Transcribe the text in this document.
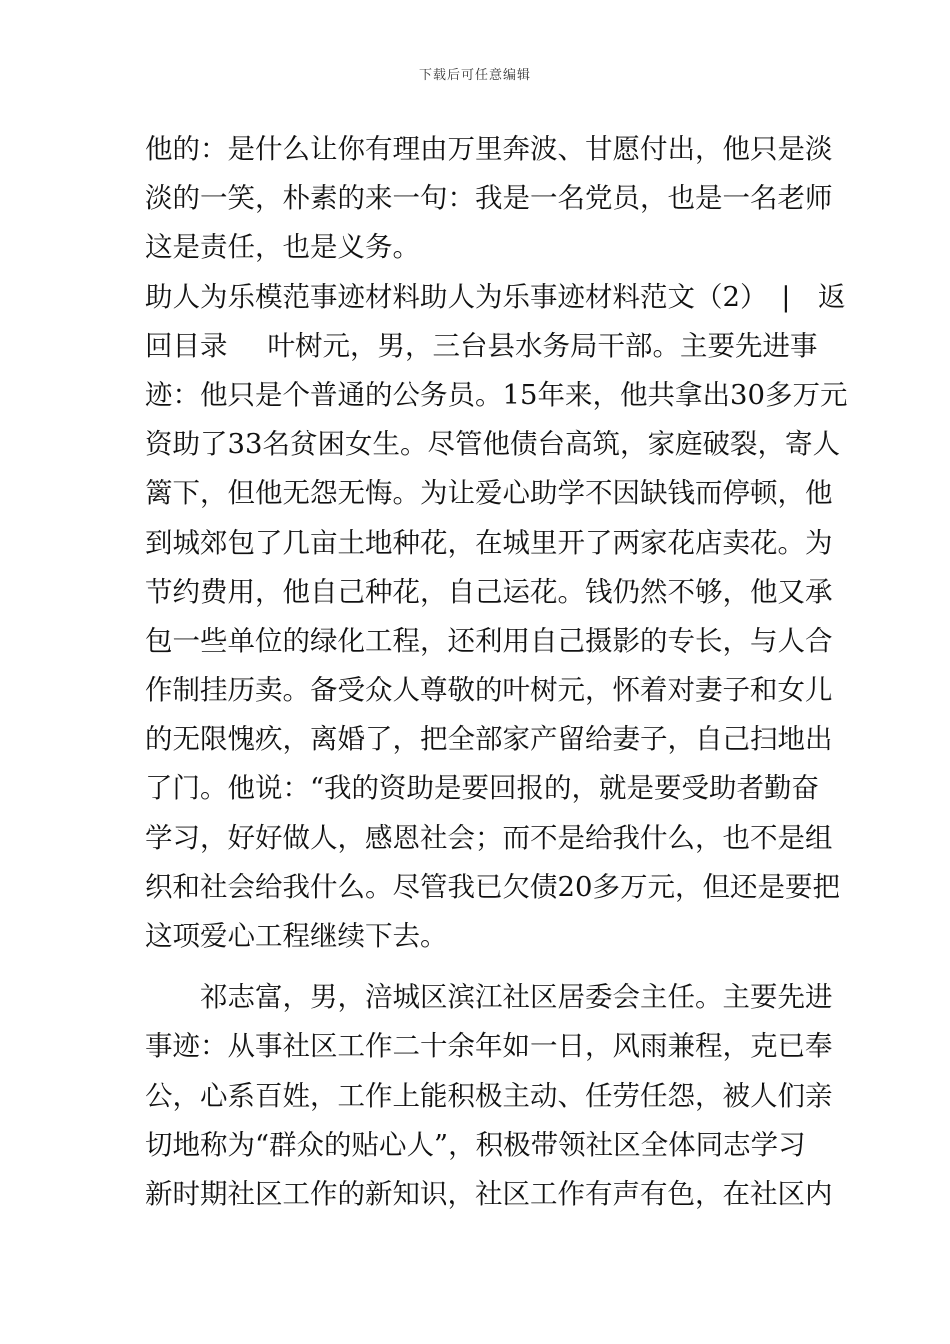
下载后可任意编辑
他的：是什么让你有理由万里奔波、甘愿付出，他只是淡
淡的一笑，朴素的来一句：我是一名党员，也是一名老师
这是责任，也是义务。
助人为乐模范事迹材料助人为乐事迹材料范文（2）　|　返
回目录 叶树元，男，三台县水务局干部。主要先进事
迹：他只是个普通的公务员。15年来，他共拿出30多万元
资助了33名贫困女生。尽管他债台高筑，家庭破裂，寄人
篱下，但他无怨无悔。为让爱心助学不因缺钱而停顿，他
到城郊包了几亩土地种花，在城里开了两家花店卖花。为
节约费用，他自己种花，自己运花。钱仍然不够，他又承
包一些单位的绿化工程，还利用自己摄影的专长，与人合
作制挂历卖。备受众人尊敬的叶树元，怀着对妻子和女儿
的无限愧疚，离婚了，把全部家产留给妻子，自己扫地出
了门。他说：“我的资助是要回报的，就是要受助者勤奋
学习，好好做人，感恩社会；而不是给我什么，也不是组
织和社会给我什么。尽管我已欠债20多万元，但还是要把
这项爱心工程继续下去。
祁志富，男，涪城区滨江社区居委会主任。主要先进
事迹：从事社区工作二十余年如一日，风雨兼程，克已奉
公，心系百姓，工作上能积极主动、任劳任怨，被人们亲
切地称为“群众的贴心人”，积极带领社区全体同志学习
新时期社区工作的新知识，社区工作有声有色，在社区内
